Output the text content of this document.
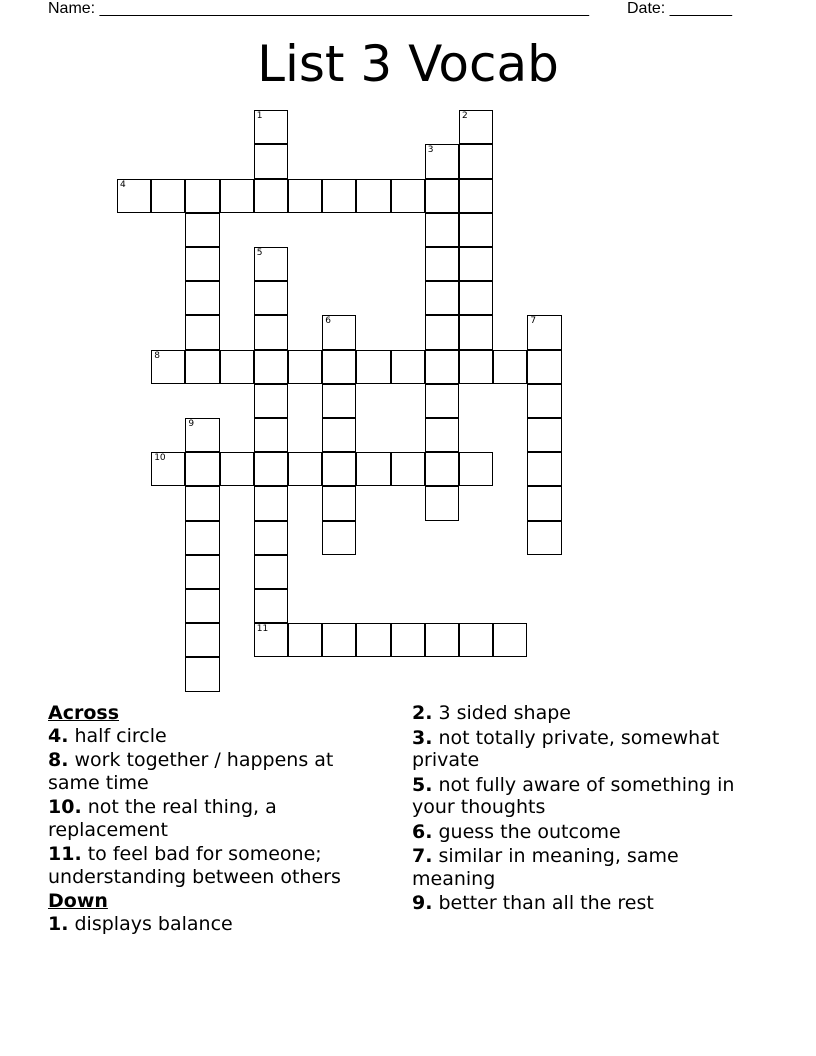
Name: _______________________________________________________ Date: _______
List 3 Vocab
1	2
3
4
5
6	7
8
9
10
11
Across
4. half circle
8. work together / happens at same time
10. not the real thing, a replacement
11. to feel bad for someone; understanding between others
Down
1. displays balance
2. 3 sided shape
3. not totally private, somewhat private
5. not fully aware of something in your thoughts
6. guess the outcome
7. similar in meaning, same meaning
9. better than all the rest
